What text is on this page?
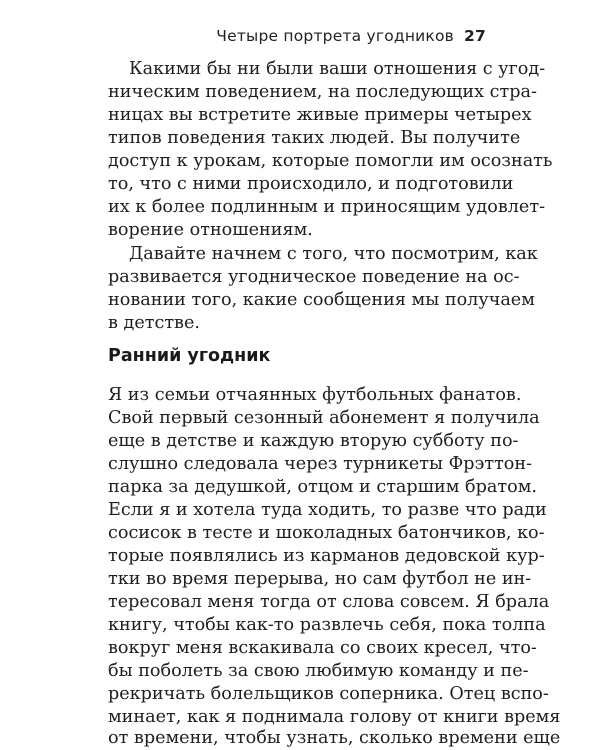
Четыре портрета угодников 27
Какими бы ни были ваши отношения с угод-
ническим поведением, на последующих стра-
ницах вы встретите живые примеры четырех
типов поведения таких людей. Вы получите
доступ к урокам, которые помогли им осознать
то, что с ними происходило, и подготовили
их к более подлинным и приносящим удовлет-
ворение отношениям.
Давайте начнем с того, что посмотрим, как
развивается угодническое поведение на ос-
новании того, какие сообщения мы получаем
в детстве.
Ранний угодник
Я из семьи отчаянных футбольных фанатов.
Свой первый сезонный абонемент я получила
еще в детстве и каждую вторую субботу по-
слушно следовала через турникеты Фрэттон-
парка за дедушкой, отцом и старшим братом.
Если я и хотела туда ходить, то разве что ради
сосисок в тесте и шоколадных батончиков, ко-
торые появлялись из карманов дедовской кур-
тки во время перерыва, но сам футбол не ин-
тересовал меня тогда от слова совсем. Я брала
книгу, чтобы как-то развлечь себя, пока толпа
вокруг меня вскакивала со своих кресел, что-
бы поболеть за свою любимую команду и пе-
рекричать болельщиков соперника. Отец вспо-
минает, как я поднимала голову от книги время
от времени, чтобы узнать, сколько времени еще
